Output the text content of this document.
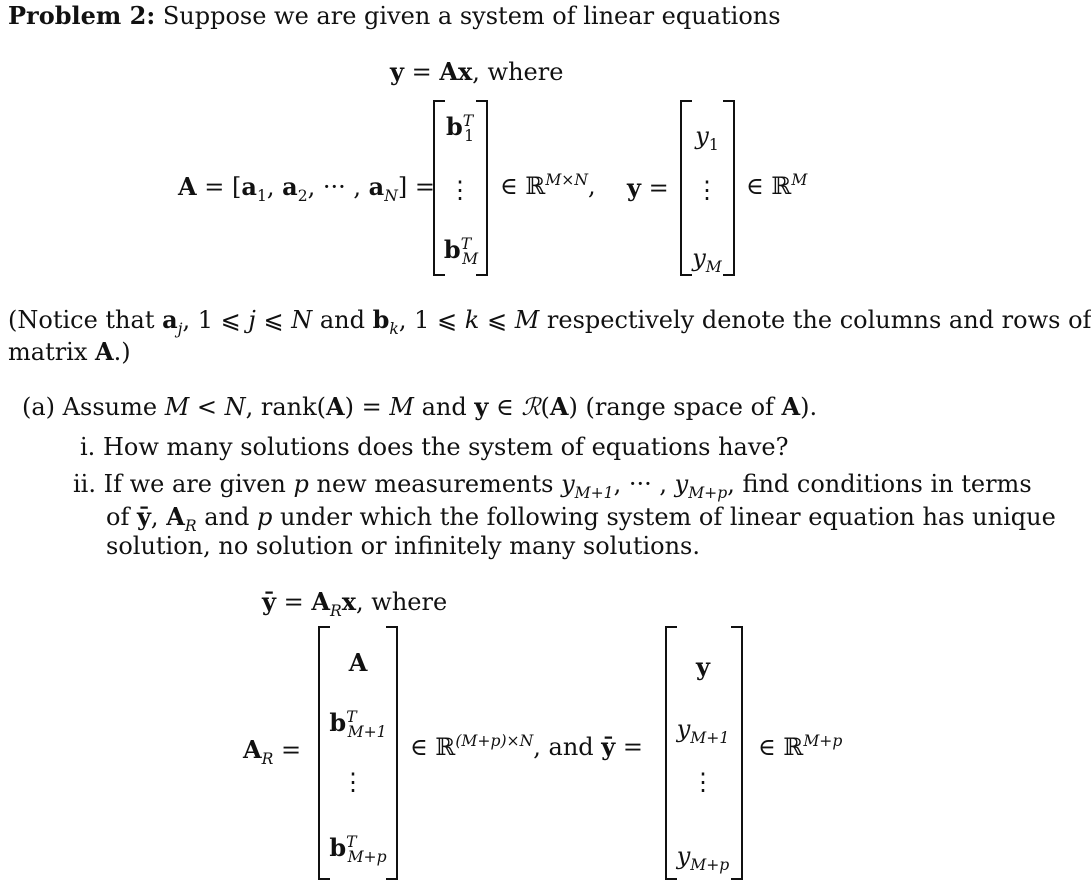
Problem 2: Suppose we are given a system of linear equations
y = Ax, where
$A = [a_1$, $a_2$, ··· , $a_N$] =
$b^T_1$
⋮
$b^T_M$
∈ ℝ$^{M\times N}$, y =
$y_1$
⋮
$y_M$
∈ ℝ$^M$
(Notice that $a_j$, 1 ⩽ j ⩽ N and $b_k$, 1 ⩽ k ⩽ M respectively denote the columns and rows of
matrix A.)
(a) Assume M < N, rank(A) = M and y ∈ ℛ(A) (range space of A).
i. How many solutions does the system of equations have?
ii. If we are given p new measurements $y_{M+1}$, ··· , $y_{M+p}$, find conditions in terms
of ȳ, $A_R$ and p under which the following system of linear equation has unique
solution, no solution or infinitely many solutions.
ȳ = $A_Rx$, where
$A_R$ =
A
$b^T_{M+1}$
⋮
$b^T_{M+p}$
∈ ℝ$^{(M+p)\times N}$, and ȳ =
y
$y_{M+1}$
⋮
$y_{M+p}$
∈ ℝ$^{M+p}$
